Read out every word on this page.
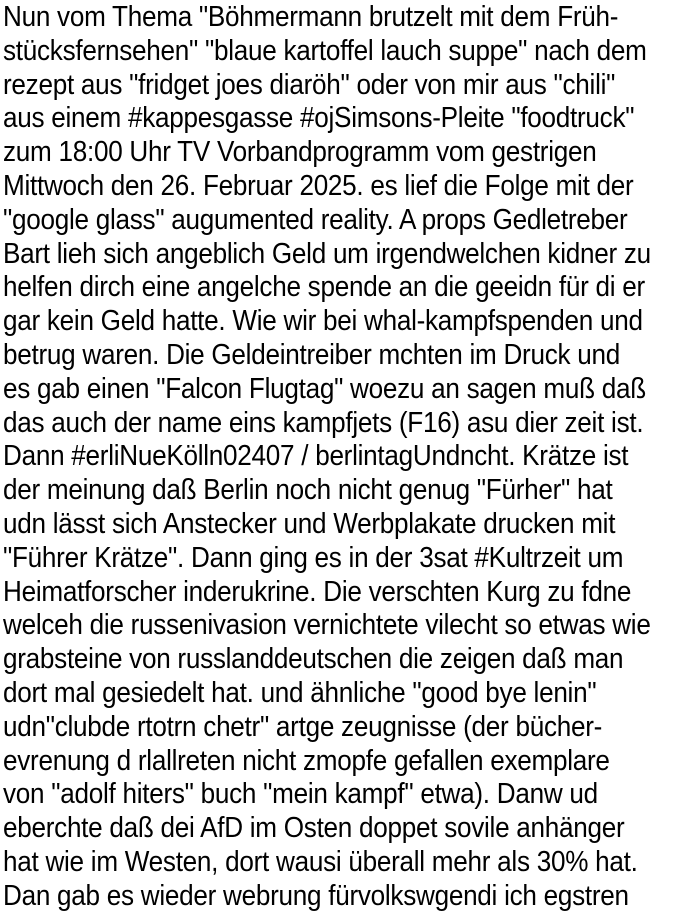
Nun vom Thema "Böhmermann brutzelt mit dem Früh-
stücksfernsehen" "blaue kartoffel lauch suppe" nach dem
rezept aus "fridget joes diaröh" oder von mir aus "chili"
aus einem #kappesgasse #ojSimsons-Pleite "foodtruck"
zum 18:00 Uhr TV Vorbandprogramm vom gestrigen
Mittwoch den 26. Februar 2025. es lief die Folge mit der
"google glass" augumented reality. A props Gedletreber
Bart lieh sich angeblich Geld um irgendwelchen kidner zu
helfen dirch eine angelche spende an die geeidn für di er
gar kein Geld hatte. Wie wir bei whal-kampfspenden und
betrug waren. Die Geldeintreiber mchten im Druck und
es gab einen "Falcon Flugtag" woezu an sagen muß daß
das auch der name eins kampfjets (F16) asu dier zeit ist.
Dann #erliNueKölln02407 / berlintagUndncht. Krätze ist
der meinung daß Berlin noch nicht genug "Fürher" hat
udn lässt sich Anstecker und Werbplakate drucken mit
"Führer Krätze". Dann ging es in der 3sat #Kultrzeit um
Heimatforscher inderukrine. Die verschten Kurg zu fdne
welceh die russenivasion vernichtete vilecht so etwas wie
grabsteine von russlanddeutschen die zeigen daß man
dort mal gesiedelt hat. und ähnliche "good bye lenin"
udn"clubde rtotrn chetr" artge zeugnisse (der bücher-
evrenung d rlallreten nicht zmopfe gefallen exemplare
von "adolf hiters" buch "mein kampf" etwa). Danw ud
eberchte daß dei AfD im Osten doppet sovile anhänger
hat wie im Westen, dort wausi überall mehr als 30% hat.
Dan gab es wieder webrung fürvolkswgendi ich egstren
